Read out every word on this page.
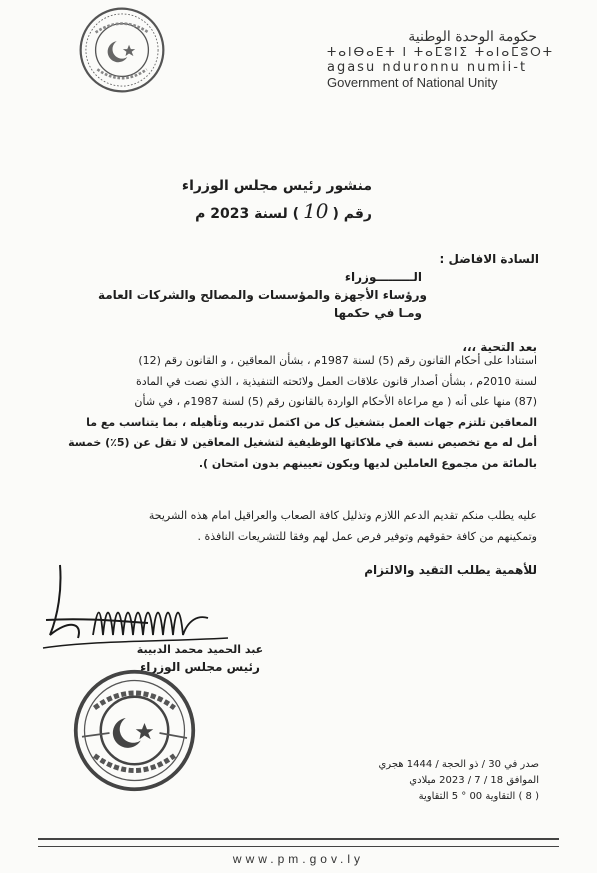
حكومة الوحدة الوطنية
ⵜⴰⵏⴱⴰⴹⵜ ⵏ ⵜⴰⵎⵓⵏⵉ ⵜⴰⵏⴰⵎⵓⵔⵜ
agasu nduronnu numii-t
Government of National Unity
منشور رئيس مجلس الوزراء
رقم (10) لسنة 2023 م
السادة الافاضل :
الـــــــــوزراء
ورؤساء الأجهزة والمؤسسات والمصالح والشركات العامة
ومـا في حكمها
بعد التحية ،،،
استنادا على أحكام القانون رقم (5) لسنة 1987م ، بشأن المعاقين ، و القانون رقم (12)
لسنة 2010م ، بشأن أصدار قانون علاقات العمل ولائحته التنفيذية ، الذي نصت في المادة
(87) منها على أنه ( مع مراعاة الأحكام الواردة بالقانون رقم (5) لسنة 1987م ، في شأن
المعاقين تلتزم جهات العمل بتشغيل كل من اكتمل تدريبه وتأهيله ، بما يتناسب مع ما
أمل له مع تخصيص نسبة في ملاكاتها الوظيفية لتشغيل المعاقين لا تقل عن (5٪) خمسة
بالمائة من مجموع العاملين لديها ويكون تعيينهم بدون امتحان ).
عليه يطلب منكم تقديم الدعم اللازم وتذليل كافة الصعاب والعراقيل امام هذه الشريحة
وتمكينهم من كافة حقوقهم وتوفير فرص عمل لهم وفقا للتشريعات النافذة .
للأهمية يطلب التقيد والالتزام
عبد الحميد محمد الدبيبة
رئيس مجلس الوزراء
صدر في 30 / ذو الحجة / 1444 هجري
الموافق 18 / 7 / 2023 ميلادي
( 8 ) التقاوية 00 ° 5 التقاوية
www.pm.gov.ly
